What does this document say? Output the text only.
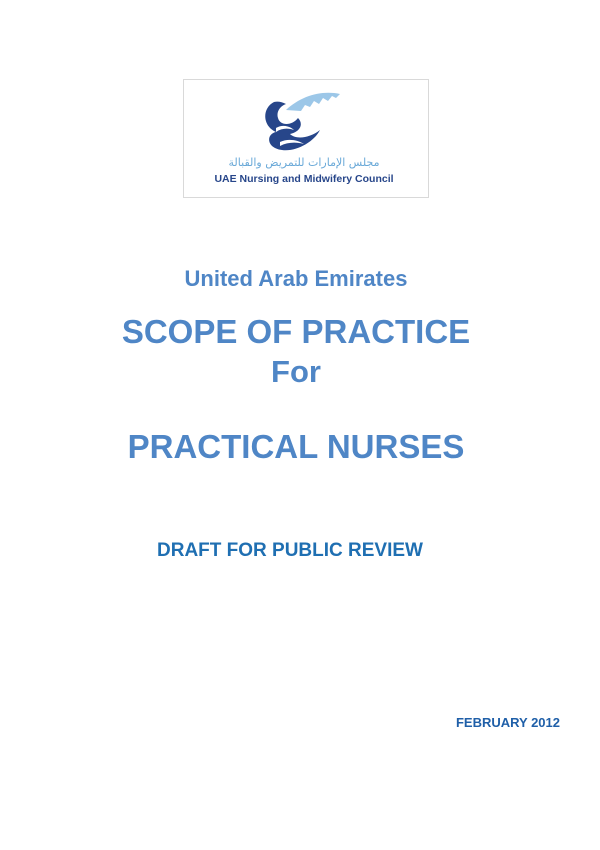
مجلس الإمارات للتمريض والقبالة
UAE Nursing and Midwifery Council
United Arab Emirates
SCOPE OF PRACTICE
For
PRACTICAL NURSES
DRAFT FOR PUBLIC REVIEW
FEBRUARY 2012
